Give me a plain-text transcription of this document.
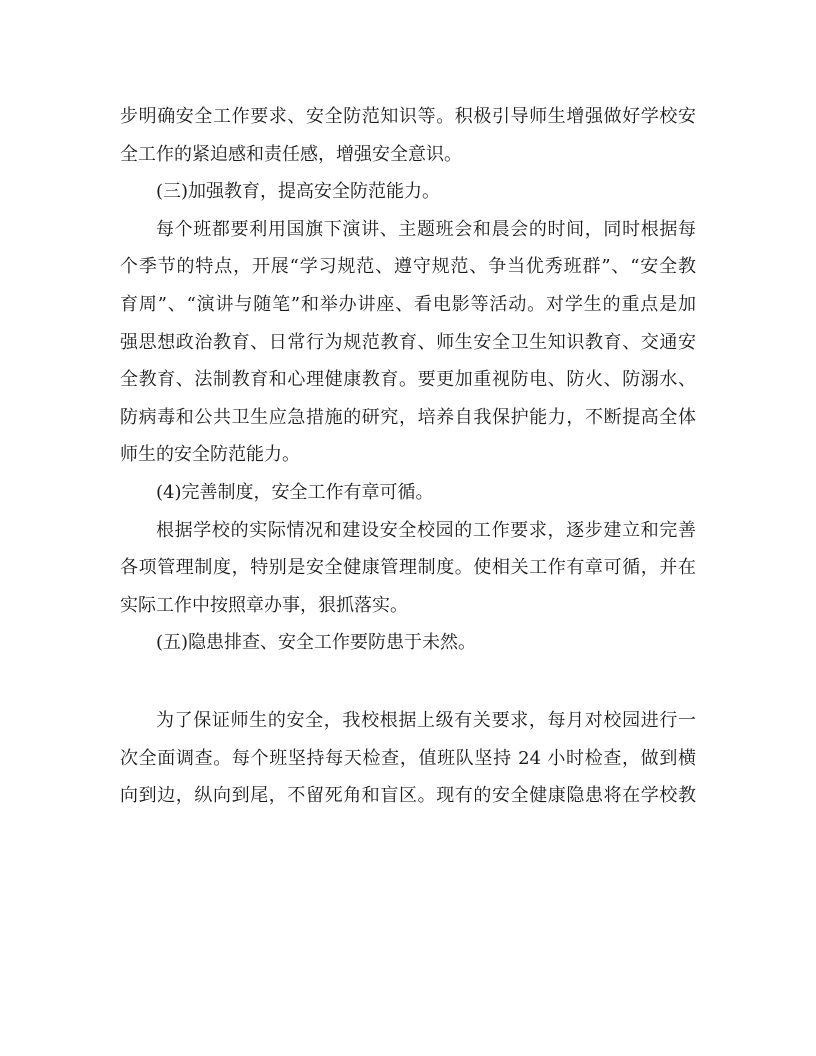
步明确安全工作要求、安全防范知识等。积极引导师生增强做好学校安
全工作的紧迫感和责任感，增强安全意识。
(三)加强教育，提高安全防范能力。
每个班都要利用国旗下演讲、主题班会和晨会的时间，同时根据每
个季节的特点，开展“学习规范、遵守规范、争当优秀班群”、“安全教
育周”、“演讲与随笔”和举办讲座、看电影等活动。对学生的重点是加
强思想政治教育、日常行为规范教育、师生安全卫生知识教育、交通安
全教育、法制教育和心理健康教育。要更加重视防电、防火、防溺水、
防病毒和公共卫生应急措施的研究，培养自我保护能力，不断提高全体
师生的安全防范能力。
(4)完善制度，安全工作有章可循。
根据学校的实际情况和建设安全校园的工作要求，逐步建立和完善
各项管理制度，特别是安全健康管理制度。使相关工作有章可循，并在
实际工作中按照章办事，狠抓落实。
(五)隐患排查、安全工作要防患于未然。
为了保证师生的安全，我校根据上级有关要求，每月对校园进行一
次全面调查。每个班坚持每天检查，值班队坚持 24 小时检查，做到横
向到边，纵向到尾，不留死角和盲区。现有的安全健康隐患将在学校教
